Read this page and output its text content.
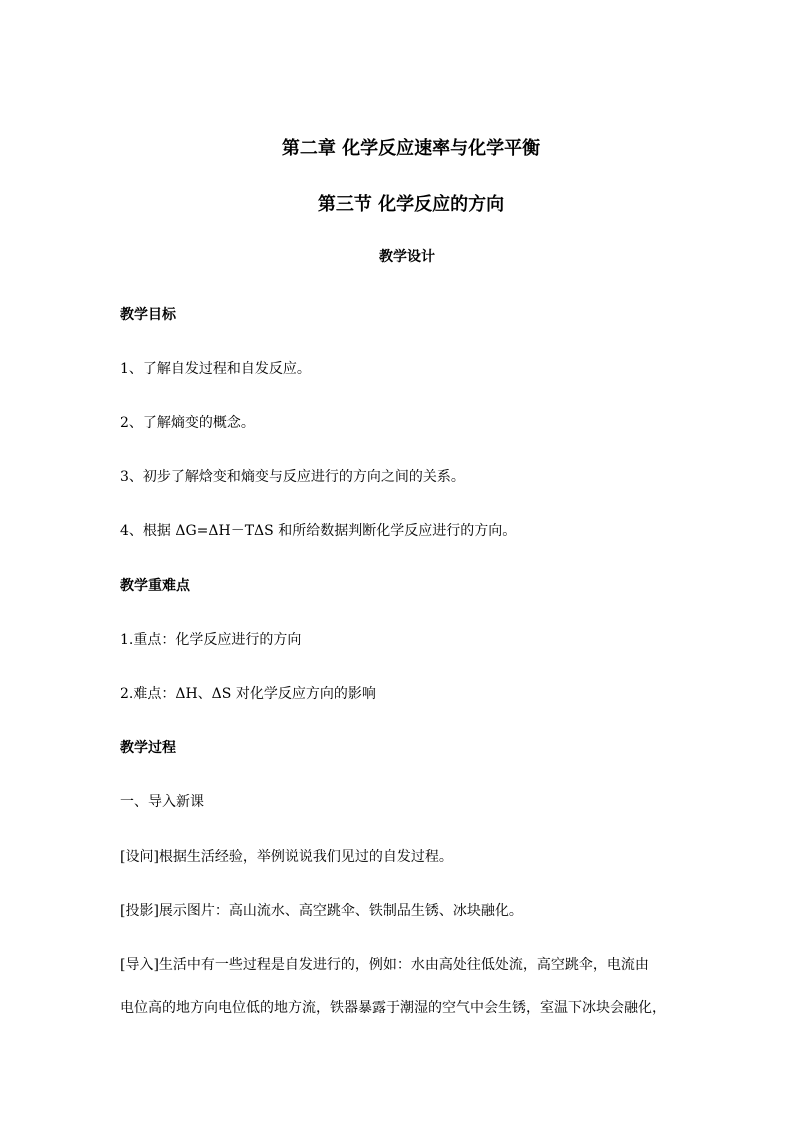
第二章 化学反应速率与化学平衡
第三节 化学反应的方向
教学设计
教学目标
1、了解自发过程和自发反应。
2、了解熵变的概念。
3、初步了解焓变和熵变与反应进行的方向之间的关系。
4、根据 ΔG=ΔH－TΔS 和所给数据判断化学反应进行的方向。
教学重难点
1.重点：化学反应进行的方向
2.难点：ΔH、ΔS 对化学反应方向的影响
教学过程
一、导入新课
[设问]根据生活经验，举例说说我们见过的自发过程。
[投影]展示图片：高山流水、高空跳伞、铁制品生锈、冰块融化。
[导入]生活中有一些过程是自发进行的，例如：水由高处往低处流，高空跳伞，电流由
电位高的地方向电位低的地方流，铁器暴露于潮湿的空气中会生锈，室温下冰块会融化，
